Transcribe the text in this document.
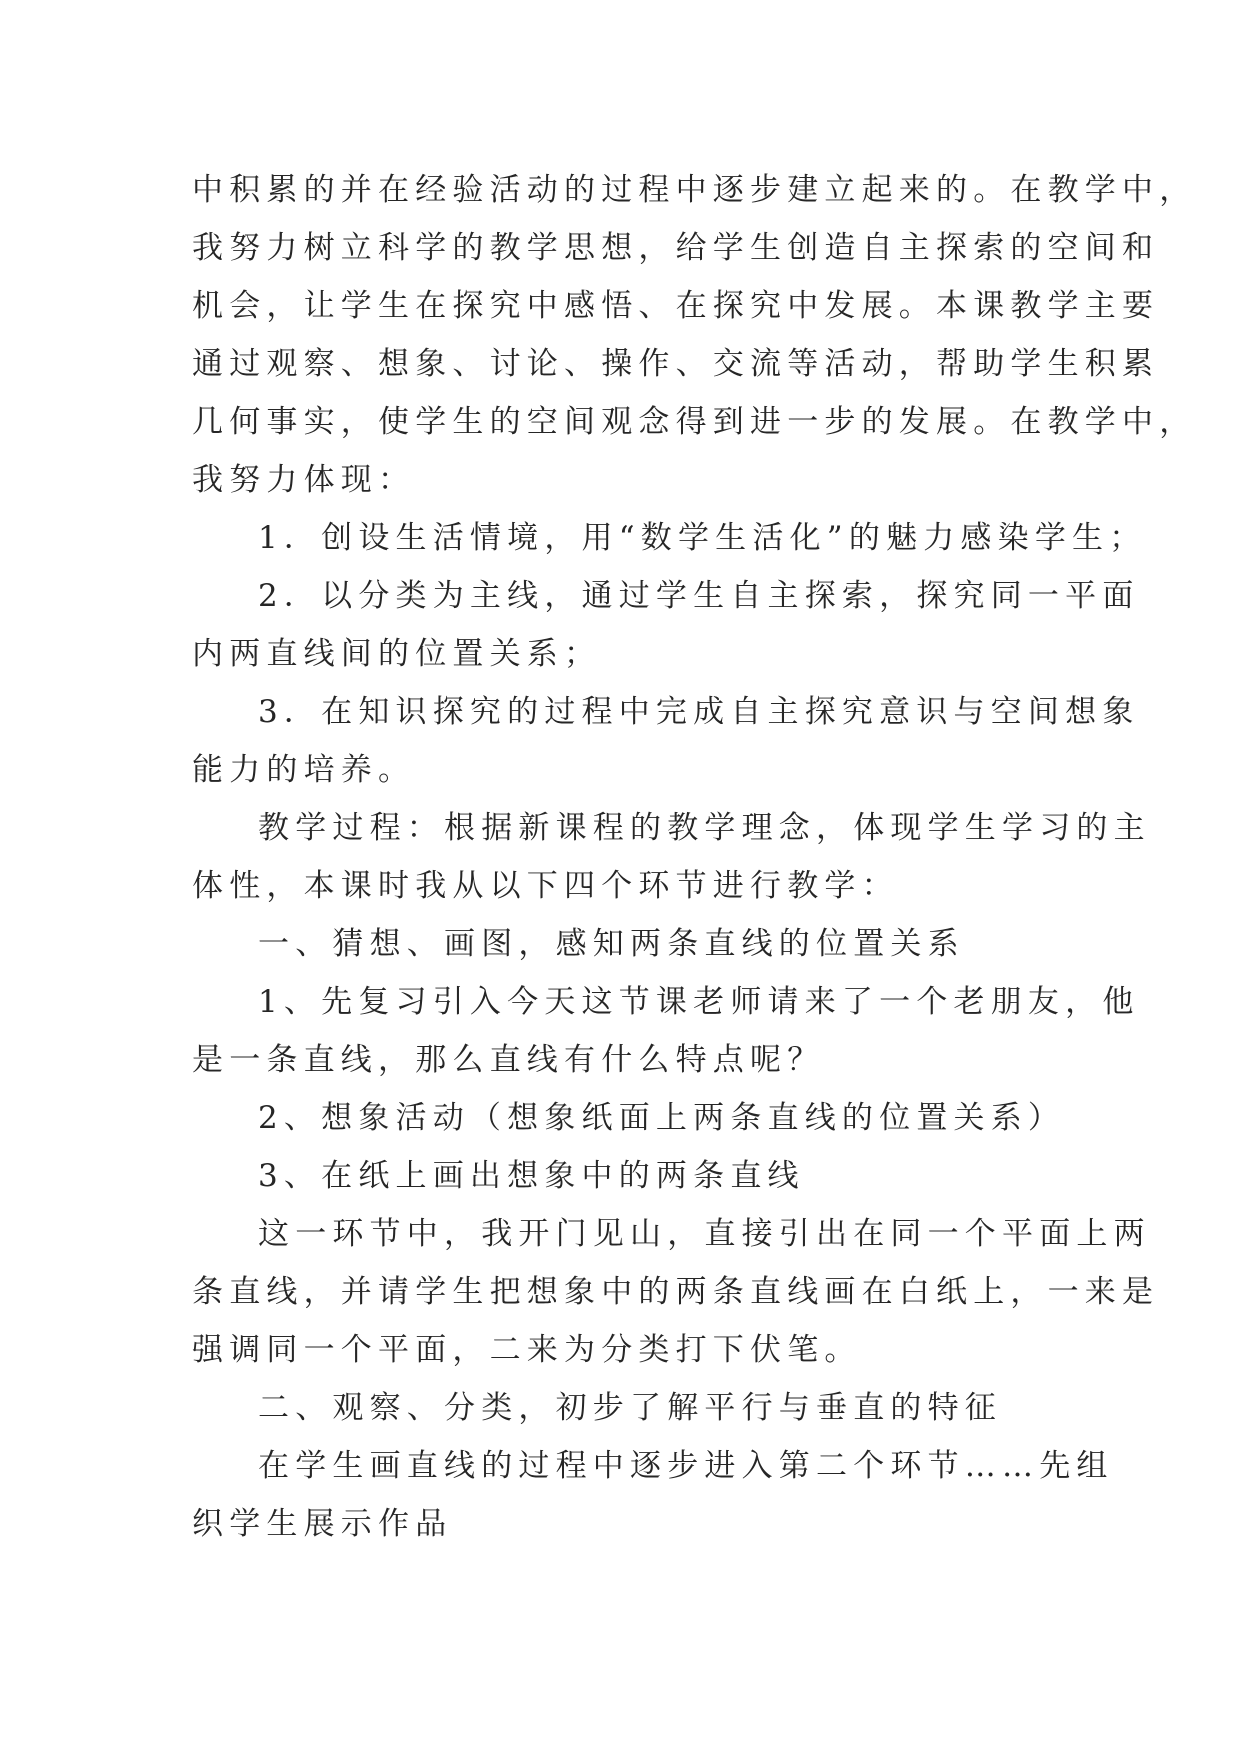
中积累的并在经验活动的过程中逐步建立起来的。在教学中，

我努力树立科学的教学思想，给学生创造自主探索的空间和

机会，让学生在探究中感悟、在探究中发展。本课教学主要

通过观察、想象、讨论、操作、交流等活动，帮助学生积累

几何事实，使学生的空间观念得到进一步的发展。在教学中，

我努力体现：

1．创设生活情境，用“数学生活化”的魅力感染学生；

2．以分类为主线，通过学生自主探索，探究同一平面

内两直线间的位置关系；

3．在知识探究的过程中完成自主探究意识与空间想象

能力的培养。

教学过程：根据新课程的教学理念，体现学生学习的主

体性，本课时我从以下四个环节进行教学：

一、猜想、画图，感知两条直线的位置关系

1、先复习引入今天这节课老师请来了一个老朋友，他

是一条直线，那么直线有什么特点呢？

2、想象活动（想象纸面上两条直线的位置关系）

3、在纸上画出想象中的两条直线

这一环节中，我开门见山，直接引出在同一个平面上两

条直线，并请学生把想象中的两条直线画在白纸上，一来是

强调同一个平面，二来为分类打下伏笔。

二、观察、分类，初步了解平行与垂直的特征

在学生画直线的过程中逐步进入第二个环节……先组

织学生展示作品
